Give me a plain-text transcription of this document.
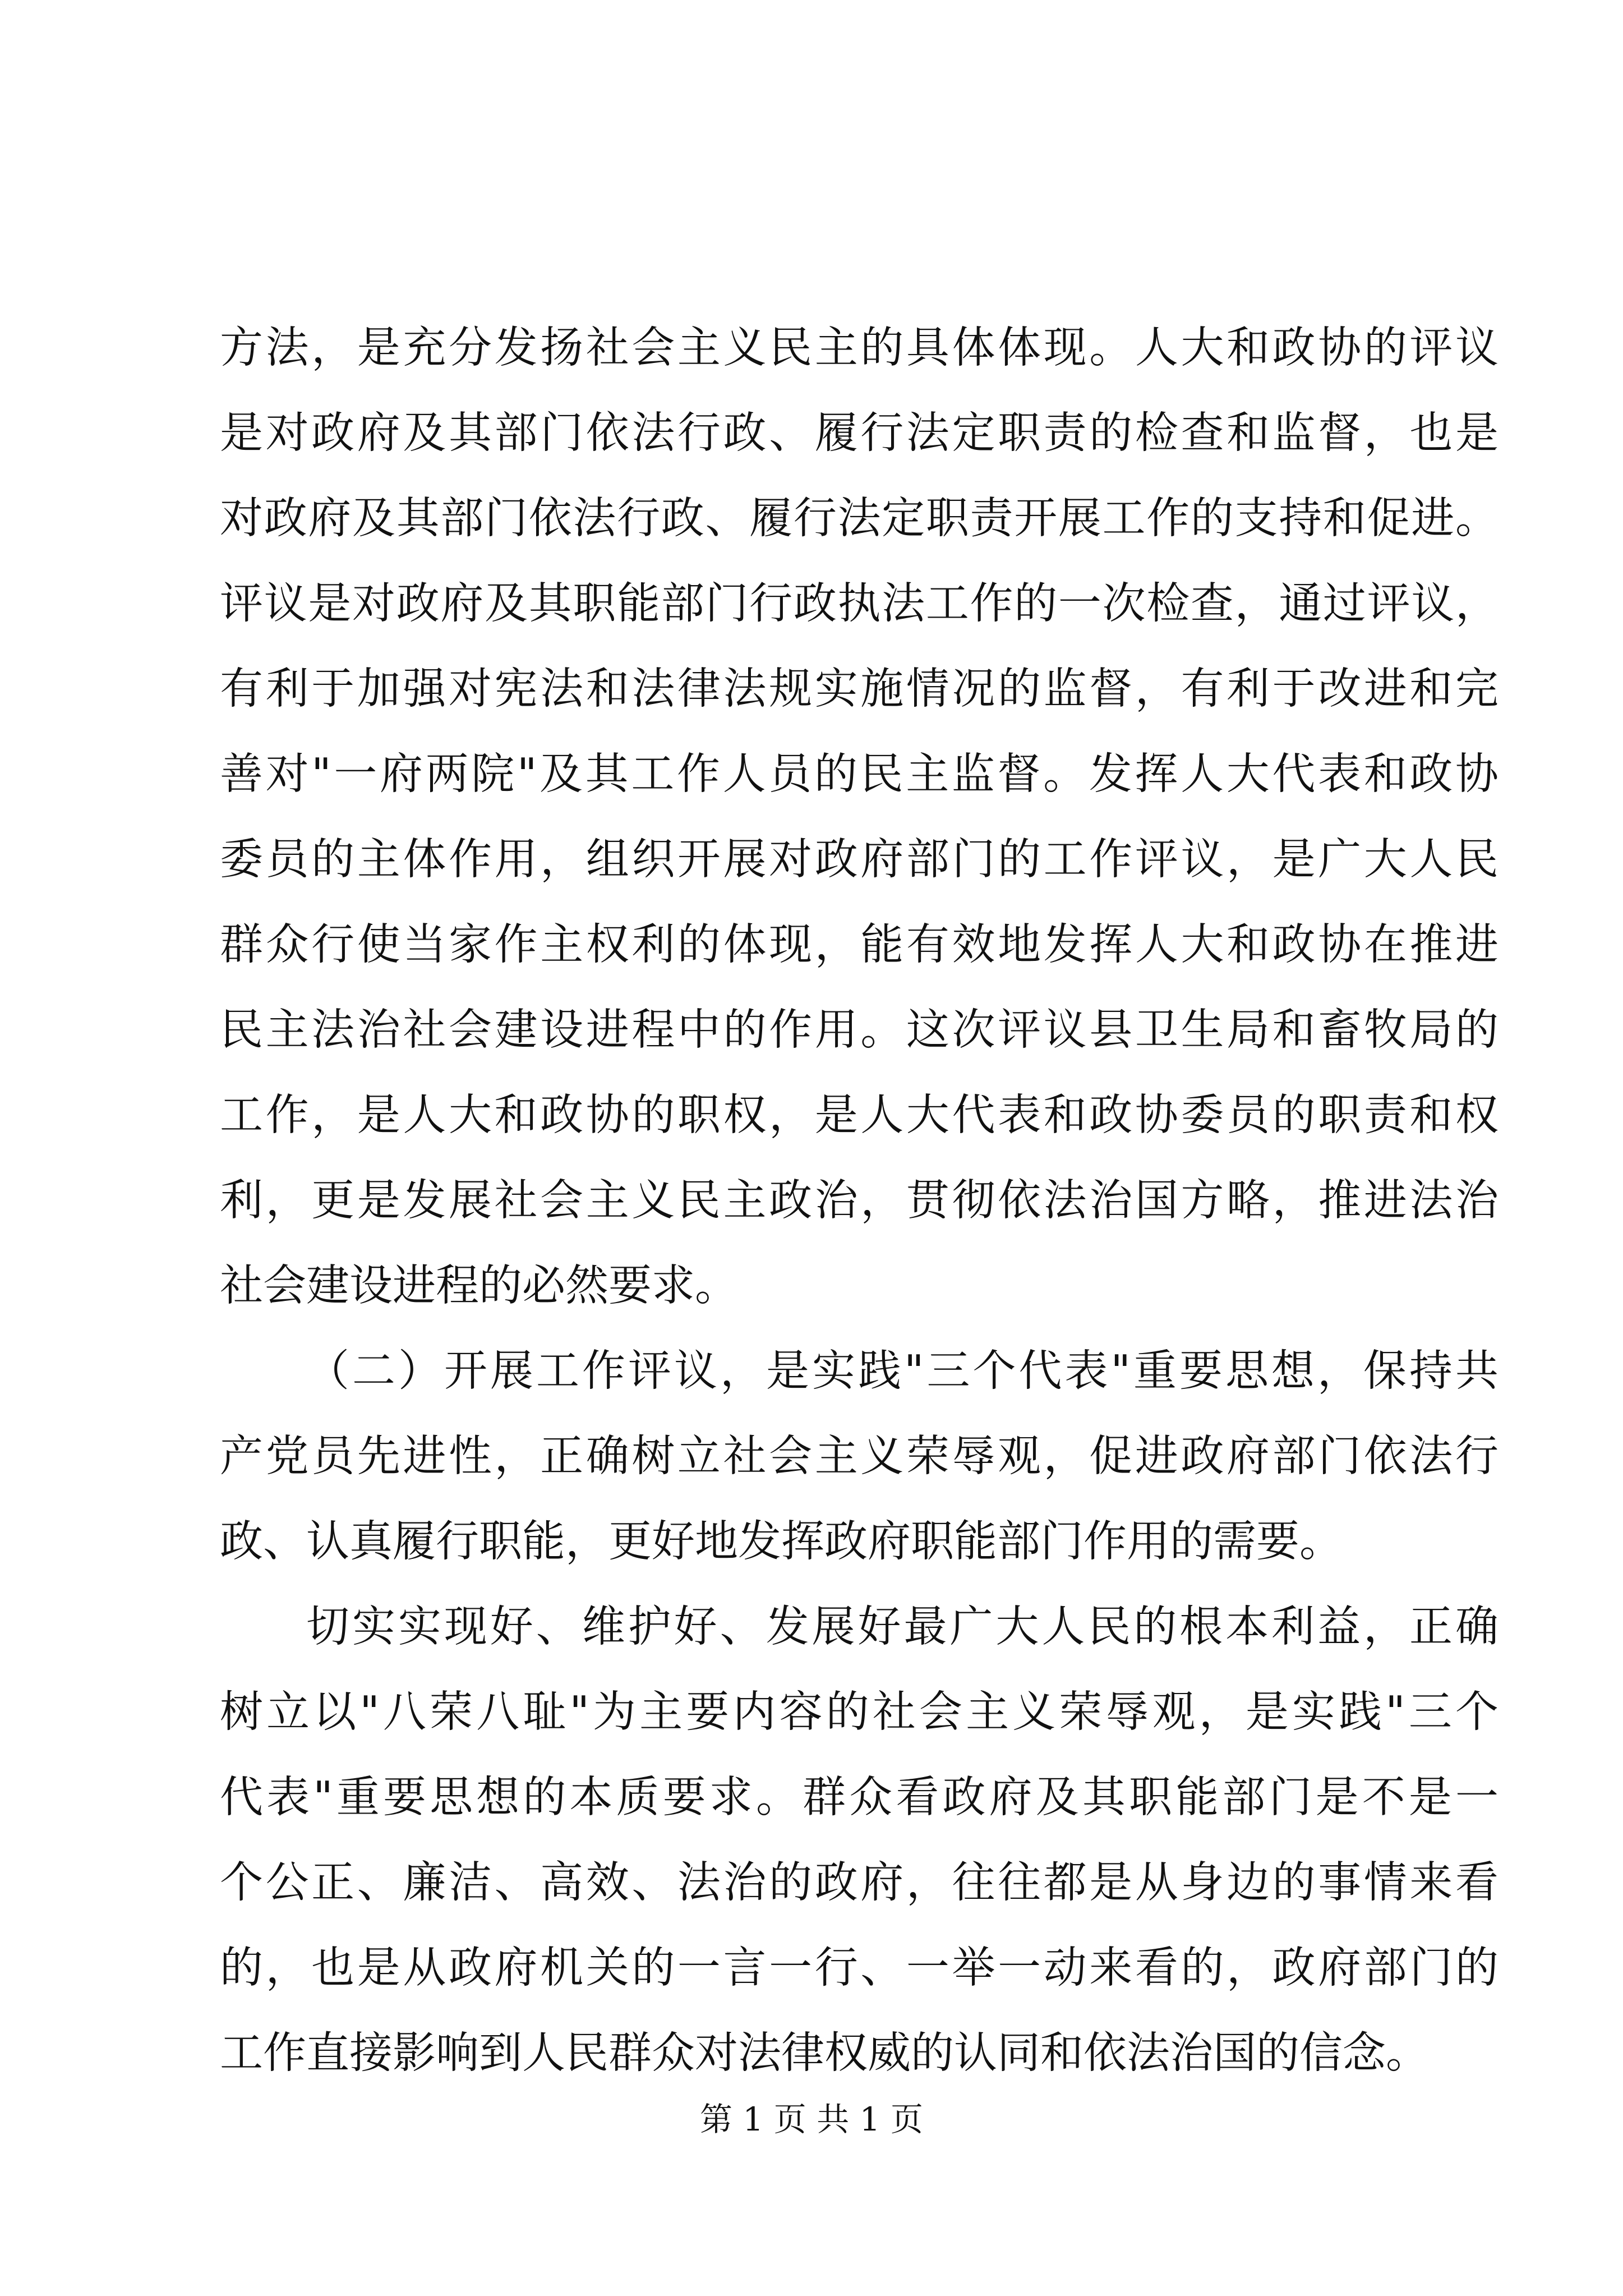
方法，是充分发扬社会主义民主的具体体现。人大和政协的评议
是对政府及其部门依法行政、履行法定职责的检查和监督，也是
对政府及其部门依法行政、履行法定职责开展工作的支持和促进。
评议是对政府及其职能部门行政执法工作的一次检查，通过评议，
有利于加强对宪法和法律法规实施情况的监督，有利于改进和完
善对"一府两院"及其工作人员的民主监督。发挥人大代表和政协
委员的主体作用，组织开展对政府部门的工作评议，是广大人民
群众行使当家作主权利的体现，能有效地发挥人大和政协在推进
民主法治社会建设进程中的作用。这次评议县卫生局和畜牧局的
工作，是人大和政协的职权，是人大代表和政协委员的职责和权
利，更是发展社会主义民主政治，贯彻依法治国方略，推进法治
社会建设进程的必然要求。
（二）开展工作评议，是实践"三个代表"重要思想，保持共
产党员先进性，正确树立社会主义荣辱观，促进政府部门依法行
政、认真履行职能，更好地发挥政府职能部门作用的需要。
切实实现好、维护好、发展好最广大人民的根本利益，正确
树立以"八荣八耻"为主要内容的社会主义荣辱观，是实践"三个
代表"重要思想的本质要求。群众看政府及其职能部门是不是一
个公正、廉洁、高效、法治的政府，往往都是从身边的事情来看
的，也是从政府机关的一言一行、一举一动来看的，政府部门的
工作直接影响到人民群众对法律权威的认同和依法治国的信念。
第 1 页 共 1 页
